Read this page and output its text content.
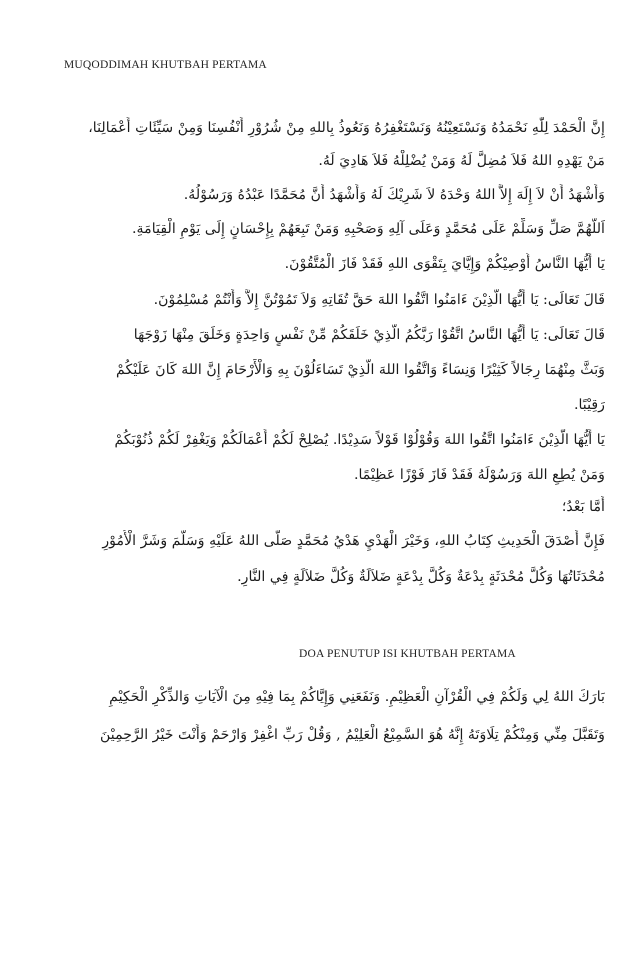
MUQODDIMAH KHUTBAH PERTAMA
إِنَّ الْحَمْدَ لِلّٰهِ نَحْمَدُهُ وَنَسْتَعِيْنُهُ وَنَسْتَغْفِرُهُ وَنَعُوذُ بِاللهِ مِنْ شُرُوْرِ أَنْفُسِنَا وَمِنْ سَيِّئَاتِ أَعْمَالِنَا،
مَنْ يَهْدِهِ اللهُ فَلاَ مُضِلَّ لَهُ وَمَنْ يُضْلِلْهُ فَلاَ هَادِيَ لَهُ.
وَأَشْهَدُ أَنْ لاَ إِلَهَ إِلاَّ اللهُ وَحْدَهُ لاَ شَرِيْكَ لَهُ وَأَشْهَدُ أَنَّ مُحَمَّدًا عَبْدُهُ وَرَسُوْلُهُ.
اَللَّهُمَّ صَلِّ وَسَلِّمْ عَلَى مُحَمَّدٍ وَعَلَى آلِهِ وَصَحْبِهِ وَمَنْ تَبِعَهُمْ بِإِحْسَانٍ إِلَى يَوْمِ الْقِيَامَةِ.
يَا أَيُّهَا النَّاسُ أُوْصِيْكُمْ وَإِيَّايَ بِتَقْوَى اللهِ فَقَدْ فَازَ الْمُتَّقُوْنَ.
قَالَ تَعَالَى: يَا أَيُّهَا الَّذِيْنَ ءَامَنُوا اتَّقُوا اللهَ حَقَّ تُقَاتِهِ وَلاَ تَمُوْتُنَّ إِلاَّ وَأَنْتُمْ مُسْلِمُوْنَ.
قَالَ تَعَالَى: يَا أَيُّهَا النَّاسُ اتَّقُوْا رَبَّكُمُ الَّذِيْ خَلَقَكُمْ مِّنْ نَفْسٍ وَاحِدَةٍ وَخَلَقَ مِنْهَا زَوْجَهَا
وَبَثَّ مِنْهُمَا رِجَالاً كَثِيْرًا وَنِسَاءً وَاتَّقُوا اللهَ الَّذِيْ تَسَاءَلُوْنَ بِهِ وَالْأَرْحَامَ إِنَّ اللهَ كَانَ عَلَيْكُمْ
رَقِيْبًا.
يَا أَيُّهَا الَّذِيْنَ ءَامَنُوا اتَّقُوا اللهَ وَقُوْلُوْا قَوْلاً سَدِيْدًا. يُصْلِحْ لَكُمْ أَعْمَالَكُمْ وَيَغْفِرْ لَكُمْ ذُنُوْبَكُمْ
وَمَنْ يُطِعِ اللهَ وَرَسُوْلَهُ فَقَدْ فَازَ فَوْزًا عَظِيْمًا.
أَمَّا بَعْدُ؛
فَإِنَّ أَصْدَقَ الْحَدِيثِ كِتَابُ اللهِ، وَخَيْرَ الْهَدْيِ هَدْيُ مُحَمَّدٍ صَلَّى اللهُ عَلَيْهِ وَسَلَّمَ وَشَرَّ الْأُمُوْرِ
مُحْدَثَاتُهَا وَكُلَّ مُحْدَثَةٍ بِدْعَةٌ وَكُلَّ بِدْعَةٍ ضَلاَلَةٌ وَكُلَّ ضَلاَلَةٍ فِي النَّارِ.
DOA PENUTUP ISI KHUTBAH PERTAMA
بَارَكَ اللهُ لِي وَلَكُمْ فِي الْقُرْآنِ الْعَظِيْمِ. وَنَفَعَنِي وَإِيَّاكُمْ بِمَا فِيْهِ مِنَ الْآيَاتِ وَالذِّكْرِ الْحَكِيْمِ
وَتَقَبَّلَ مِنِّي وَمِنْكُمْ تِلَاوَتَهُ إِنَّهُ هُوَ السَّمِيْعُ الْعَلِيْمُ , وَقُلْ رَبِّ اغْفِرْ وَارْحَمْ وَأَنْتَ خَيْرُ الرَّحِمِيْنَ
